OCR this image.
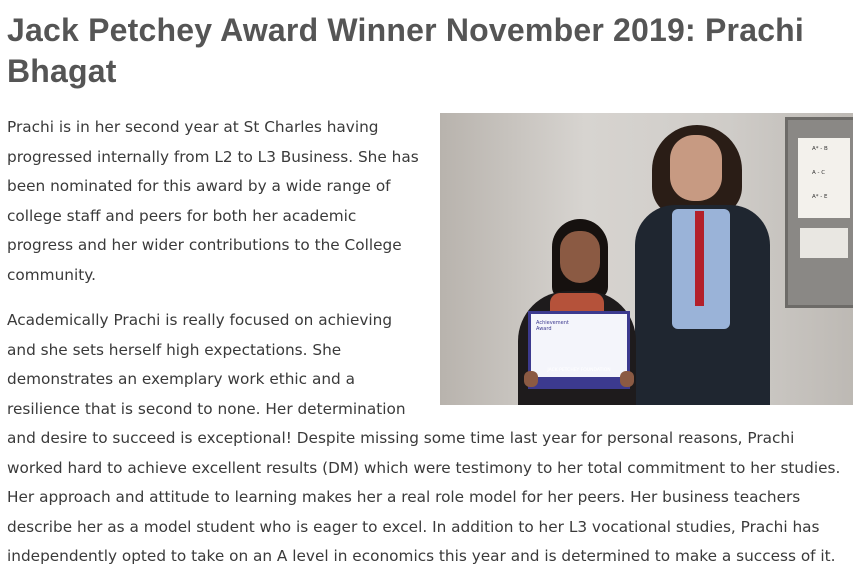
Jack Petchey Award Winner November 2019: Prachi Bhagat

A* - B
A - C
A* - E
Achievement
Award
JACK PETCHEY FOUNDATION
Prachi is in her second year at St Charles having progressed internally from L2 to L3 Business. She has been nominated for this award by a wide range of college staff and peers for both her academic progress and her wider contributions to the College community.

Academically Prachi is really focused on achieving and she sets herself high expectations. She demonstrates an exemplary work ethic and a resilience that is second to none. Her determination and desire to succeed is exceptional! Despite missing some time last year for personal reasons, Prachi worked hard to achieve excellent results (DM) which were testimony to her total commitment to her studies. Her approach and attitude to learning makes her a real role model for her peers. Her business teachers describe her as a model student who is eager to excel. In addition to her L3 vocational studies, Prachi has independently opted to take on an A level in economics this year and is determined to make a success of it.
